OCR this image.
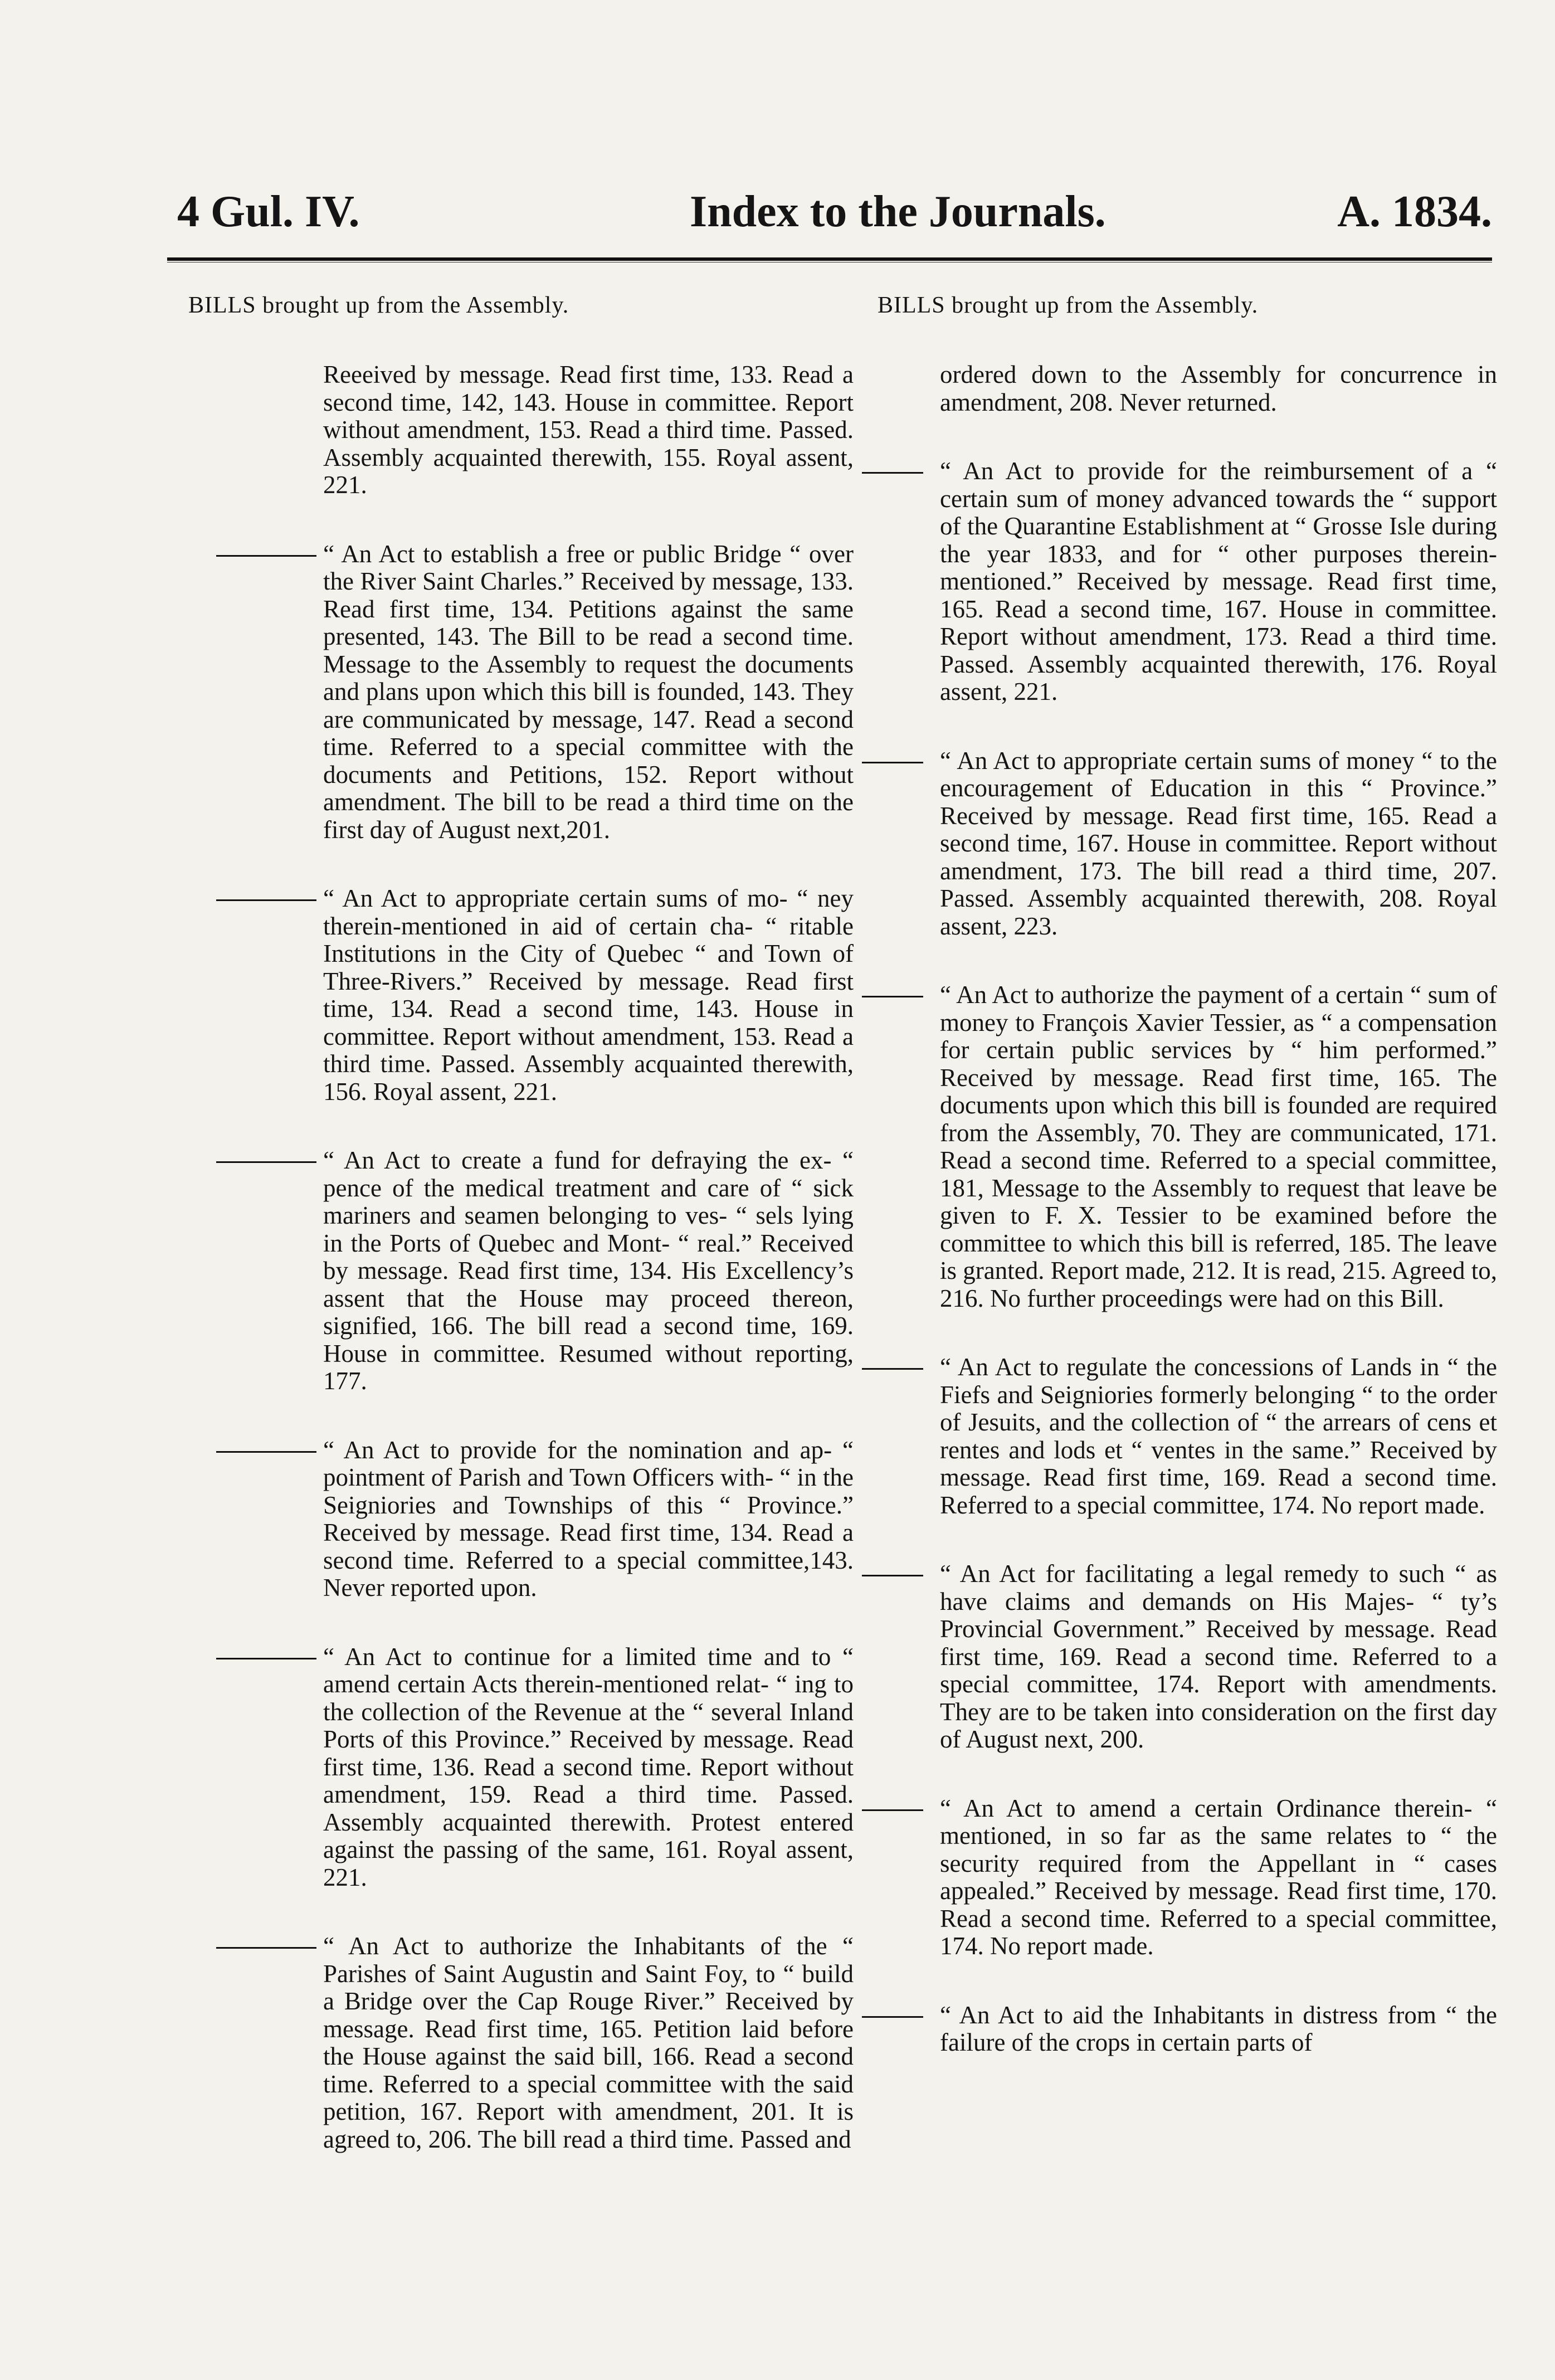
4 Gul. IV.	Index to the Journals.	A. 1834.
BILLS brought up from the Assembly.
Reeeived by message. Read first time, 133. Read a second time, 142, 143. House in committee. Report without amendment, 153. Read a third time. Passed. Assembly acquainted therewith, 155. Royal assent, 221.
“ An Act to establish a free or public Bridge “ over the River Saint Charles.” Received by message, 133. Read first time, 134. Petitions against the same presented, 143. The Bill to be read a second time. Message to the Assembly to request the documents and plans upon which this bill is founded, 143. They are communicated by message, 147. Read a second time. Referred to a special committee with the documents and Petitions, 152. Report without amendment. The bill to be read a third time on the first day of August next,201.
“ An Act to appropriate certain sums of mo- “ ney therein-mentioned in aid of certain cha- “ ritable Institutions in the City of Quebec “ and Town of Three-Rivers.” Received by message. Read first time, 134. Read a second time, 143. House in committee. Report without amendment, 153. Read a third time. Passed. Assembly acquainted therewith, 156. Royal assent, 221.
“ An Act to create a fund for defraying the ex- “ pence of the medical treatment and care of “ sick mariners and seamen belonging to ves- “ sels lying in the Ports of Quebec and Mont- “ real.” Received by message. Read first time, 134. His Excellency’s assent that the House may proceed thereon, signified, 166. The bill read a second time, 169. House in committee. Resumed without reporting, 177.
“ An Act to provide for the nomination and ap- “ pointment of Parish and Town Officers with- “ in the Seigniories and Townships of this “ Province.” Received by message. Read first time, 134. Read a second time. Referred to a special committee,143. Never reported upon.
“ An Act to continue for a limited time and to “ amend certain Acts therein-mentioned relat- “ ing to the collection of the Revenue at the “ several Inland Ports of this Province.” Received by message. Read first time, 136. Read a second time. Report without amendment, 159. Read a third time. Passed. Assembly acquainted therewith. Protest entered against the passing of the same, 161. Royal assent, 221.
“ An Act to authorize the Inhabitants of the “ Parishes of Saint Augustin and Saint Foy, to “ build a Bridge over the Cap Rouge River.” Received by message. Read first time, 165. Petition laid before the House against the said bill, 166. Read a second time. Referred to a special committee with the said petition, 167. Report with amendment, 201. It is agreed to, 206. The bill read a third time. Passed and
BILLS brought up from the Assembly.
ordered down to the Assembly for concurrence in amendment, 208. Never returned.
“ An Act to provide for the reimbursement of a “ certain sum of money advanced towards the “ support of the Quarantine Establishment at “ Grosse Isle during the year 1833, and for “ other purposes therein-mentioned.” Received by message. Read first time, 165. Read a second time, 167. House in committee. Report without amendment, 173. Read a third time. Passed. Assembly acquainted therewith, 176. Royal assent, 221.
“ An Act to appropriate certain sums of money “ to the encouragement of Education in this “ Province.” Received by message. Read first time, 165. Read a second time, 167. House in committee. Report without amendment, 173. The bill read a third time, 207. Passed. Assembly acquainted therewith, 208. Royal assent, 223.
“ An Act to authorize the payment of a certain “ sum of money to François Xavier Tessier, as “ a compensation for certain public services by “ him performed.” Received by message. Read first time, 165. The documents upon which this bill is founded are required from the Assembly, 70. They are communicated, 171. Read a second time. Referred to a special committee, 181, Message to the Assembly to request that leave be given to F. X. Tessier to be examined before the committee to which this bill is referred, 185. The leave is granted. Report made, 212. It is read, 215. Agreed to, 216. No further proceedings were had on this Bill.
“ An Act to regulate the concessions of Lands in “ the Fiefs and Seigniories formerly belonging “ to the order of Jesuits, and the collection of “ the arrears of cens et rentes and lods et “ ventes in the same.” Received by message. Read first time, 169. Read a second time. Referred to a special committee, 174. No report made.
“ An Act for facilitating a legal remedy to such “ as have claims and demands on His Majes- “ ty’s Provincial Government.” Received by message. Read first time, 169. Read a second time. Referred to a special committee, 174. Report with amendments. They are to be taken into consideration on the first day of August next, 200.
“ An Act to amend a certain Ordinance therein- “ mentioned, in so far as the same relates to “ the security required from the Appellant in “ cases appealed.” Received by message. Read first time, 170. Read a second time. Referred to a special committee, 174. No report made.
“ An Act to aid the Inhabitants in distress from “ the failure of the crops in certain parts of
